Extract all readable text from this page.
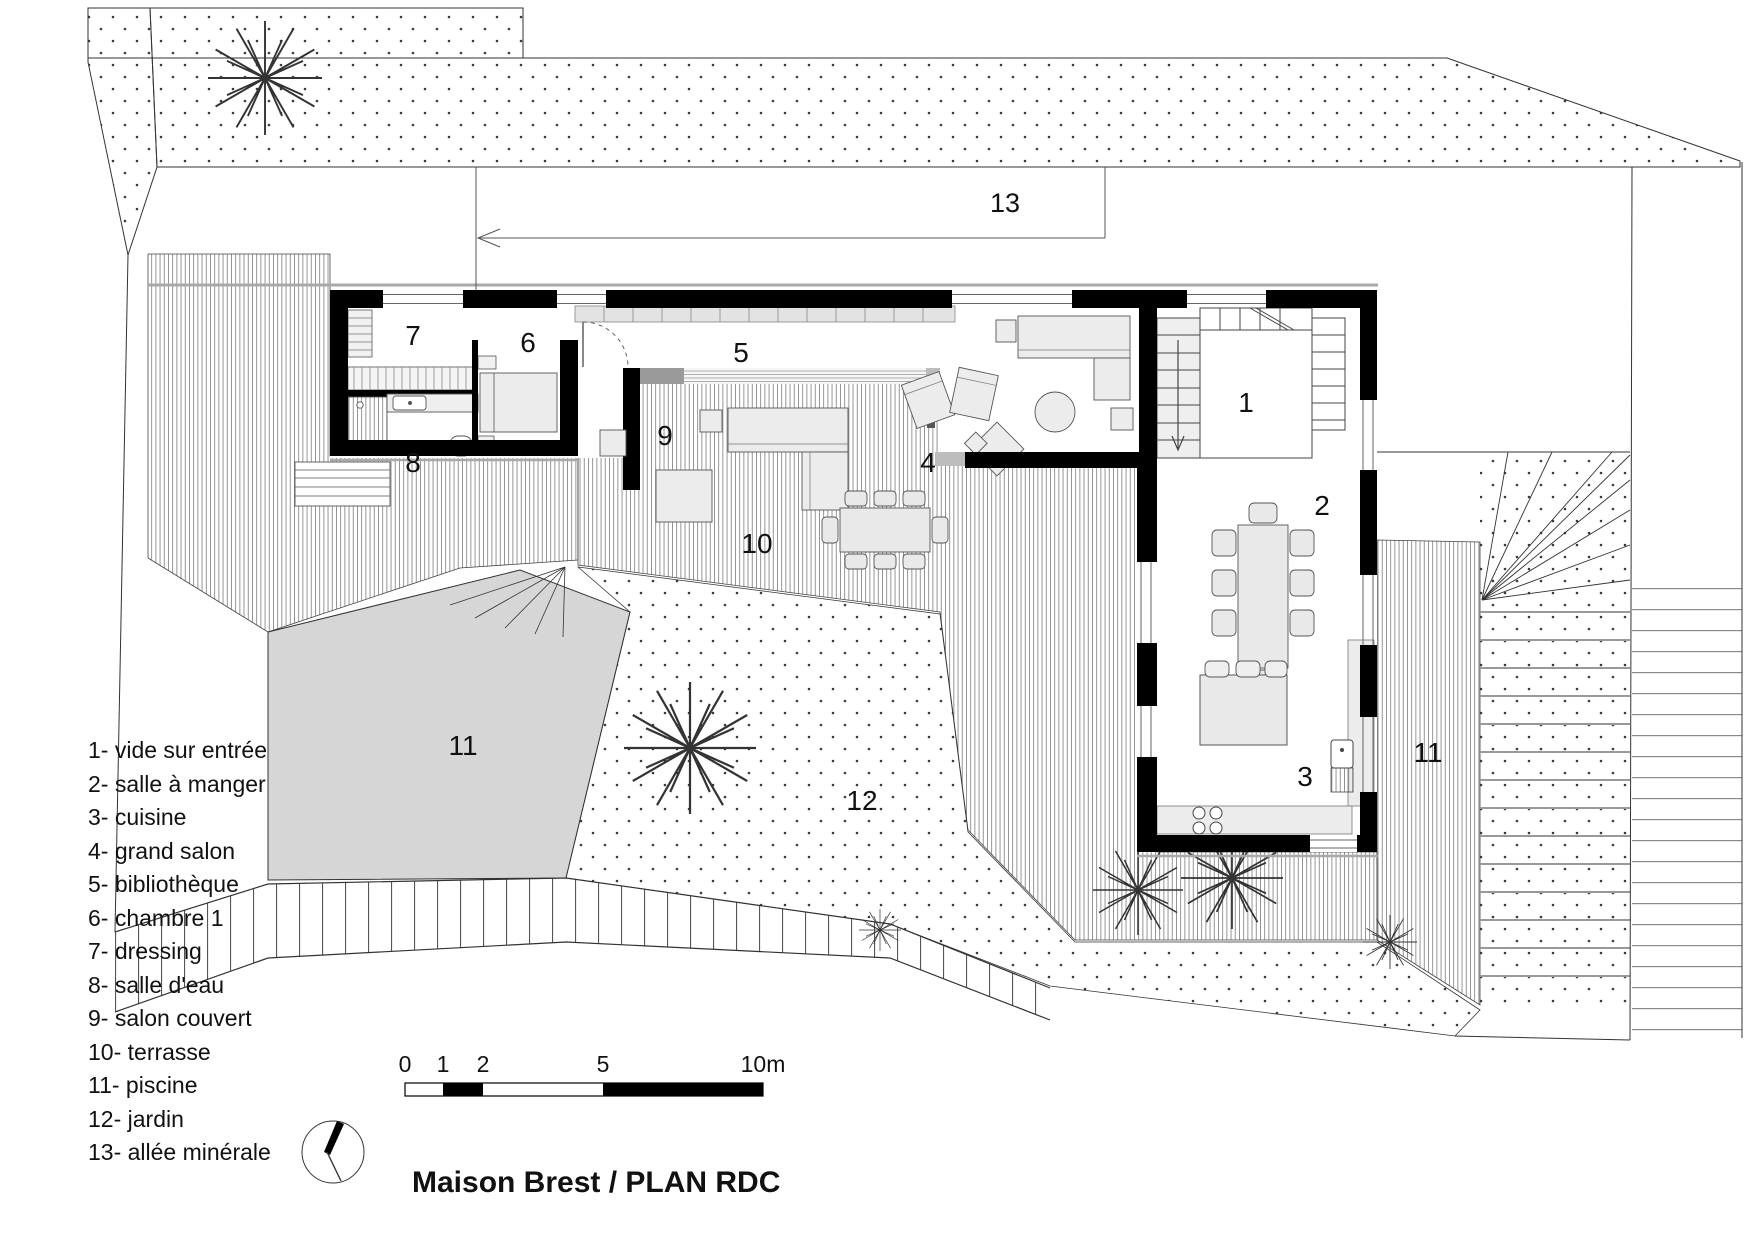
13
1
2
3
4
5
6
7
8
9
10
11	11
12
1- vide sur entrée
2- salle à manger
3- cuisine
4- grand salon
5- bibliothèque
6- chambre 1
7- dressing
8- salle d'eau
9- salon couvert
10- terrasse
11- piscine
12- jardin
13- allée minérale
0 1 2	5	10m
Maison Brest / PLAN RDC
